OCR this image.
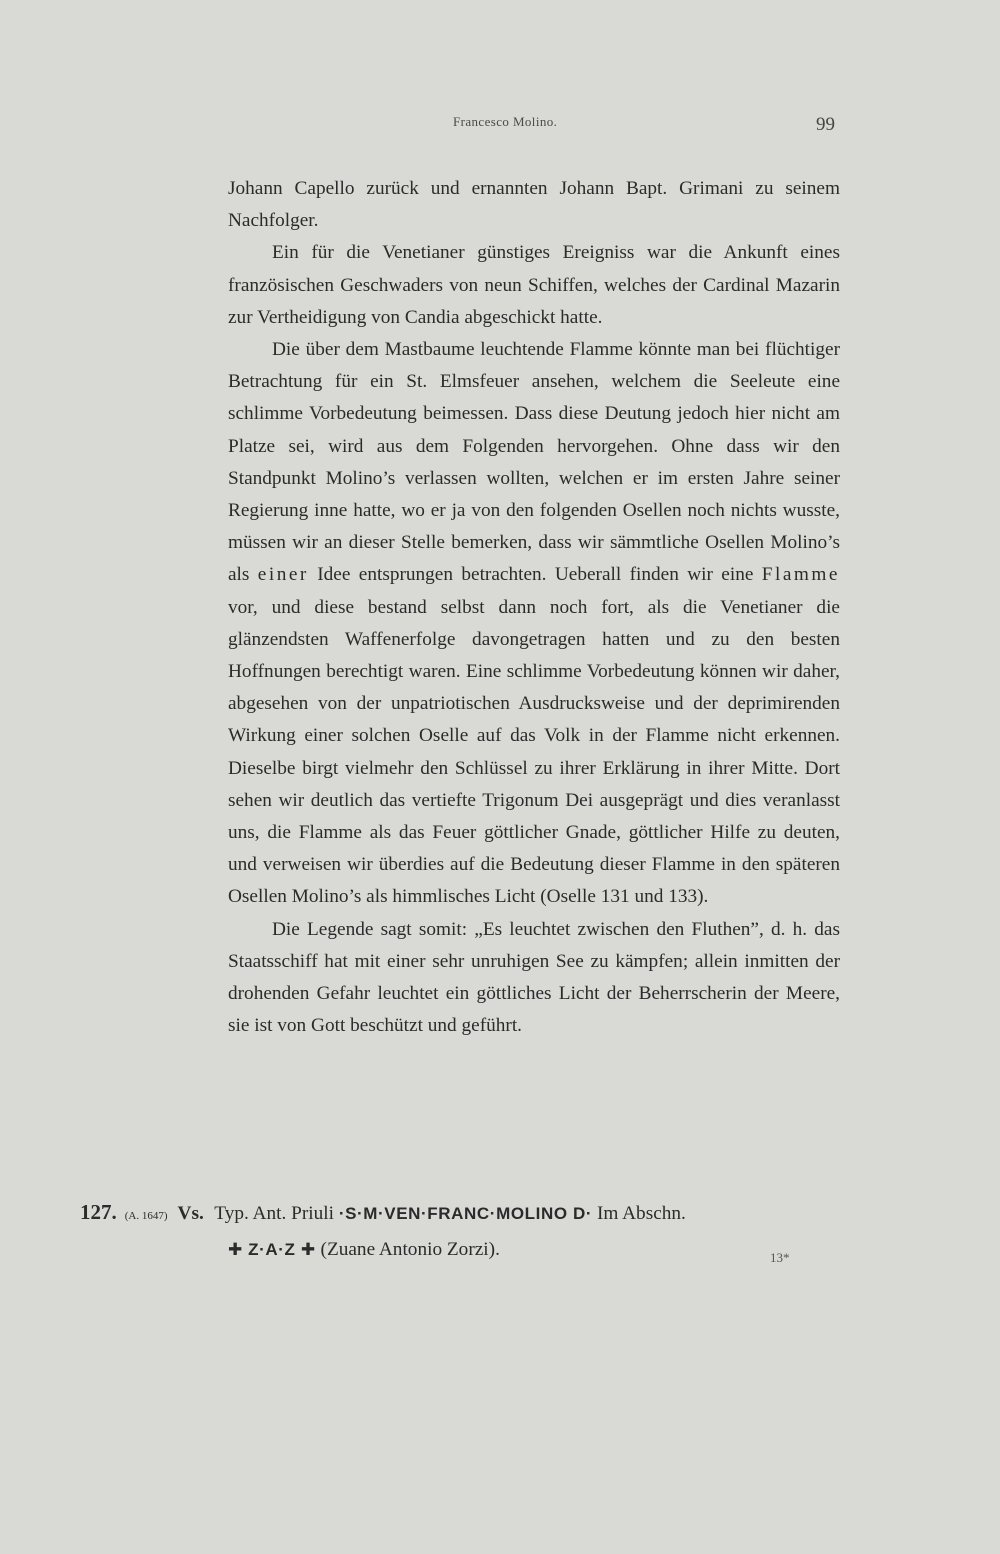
Francesco Molino.	99

Johann Capello zurück und ernannten Johann Bapt. Grimani zu seinem Nachfolger.

Ein für die Venetianer günstiges Ereigniss war die Ankunft eines französischen Geschwaders von neun Schiffen, welches der Cardinal Mazarin zur Vertheidigung von Candia abgeschickt hatte.

Die über dem Mastbaume leuchtende Flamme könnte man bei flüchtiger Betrachtung für ein St. Elmsfeuer ansehen, welchem die Seeleute eine schlimme Vorbedeutung beimessen. Dass diese Deutung jedoch hier nicht am Platze sei, wird aus dem Folgenden hervorgehen. Ohne dass wir den Standpunkt Molino’s verlassen wollten, welchen er im ersten Jahre seiner Regierung inne hatte, wo er ja von den folgenden Osellen noch nichts wusste, müssen wir an dieser Stelle bemerken, dass wir sämmtliche Osellen Molino’s als einer Idee entsprungen betrachten. Ueberall finden wir eine Flamme vor, und diese bestand selbst dann noch fort, als die Venetianer die glänzendsten Waffenerfolge davongetragen hatten und zu den besten Hoffnungen berechtigt waren. Eine schlimme Vorbedeutung können wir daher, abgesehen von der unpatriotischen Ausdrucksweise und der deprimirenden Wirkung einer solchen Oselle auf das Volk in der Flamme nicht erkennen. Dieselbe birgt vielmehr den Schlüssel zu ihrer Erklärung in ihrer Mitte. Dort sehen wir deutlich das vertiefte Trigonum Dei ausgeprägt und dies veranlasst uns, die Flamme als das Feuer göttlicher Gnade, göttlicher Hilfe zu deuten, und verweisen wir überdies auf die Bedeutung dieser Flamme in den späteren Osellen Molino’s als himmlisches Licht (Oselle 131 und 133).

Die Legende sagt somit: „Es leuchtet zwischen den Fluthen”, d. h. das Staatsschiff hat mit einer sehr unruhigen See zu kämpfen; allein inmitten der drohenden Gefahr leuchtet ein göttliches Licht der Beherrscherin der Meere, sie ist von Gott beschützt und geführt.

127. (A. 1647) Vs. Typ. Ant. Priuli ·S·M·VEN·FRANC·MOLINO D· Im Abschn.
✚ Z·A·Z ✚ (Zuane Antonio Zorzi).	13*
